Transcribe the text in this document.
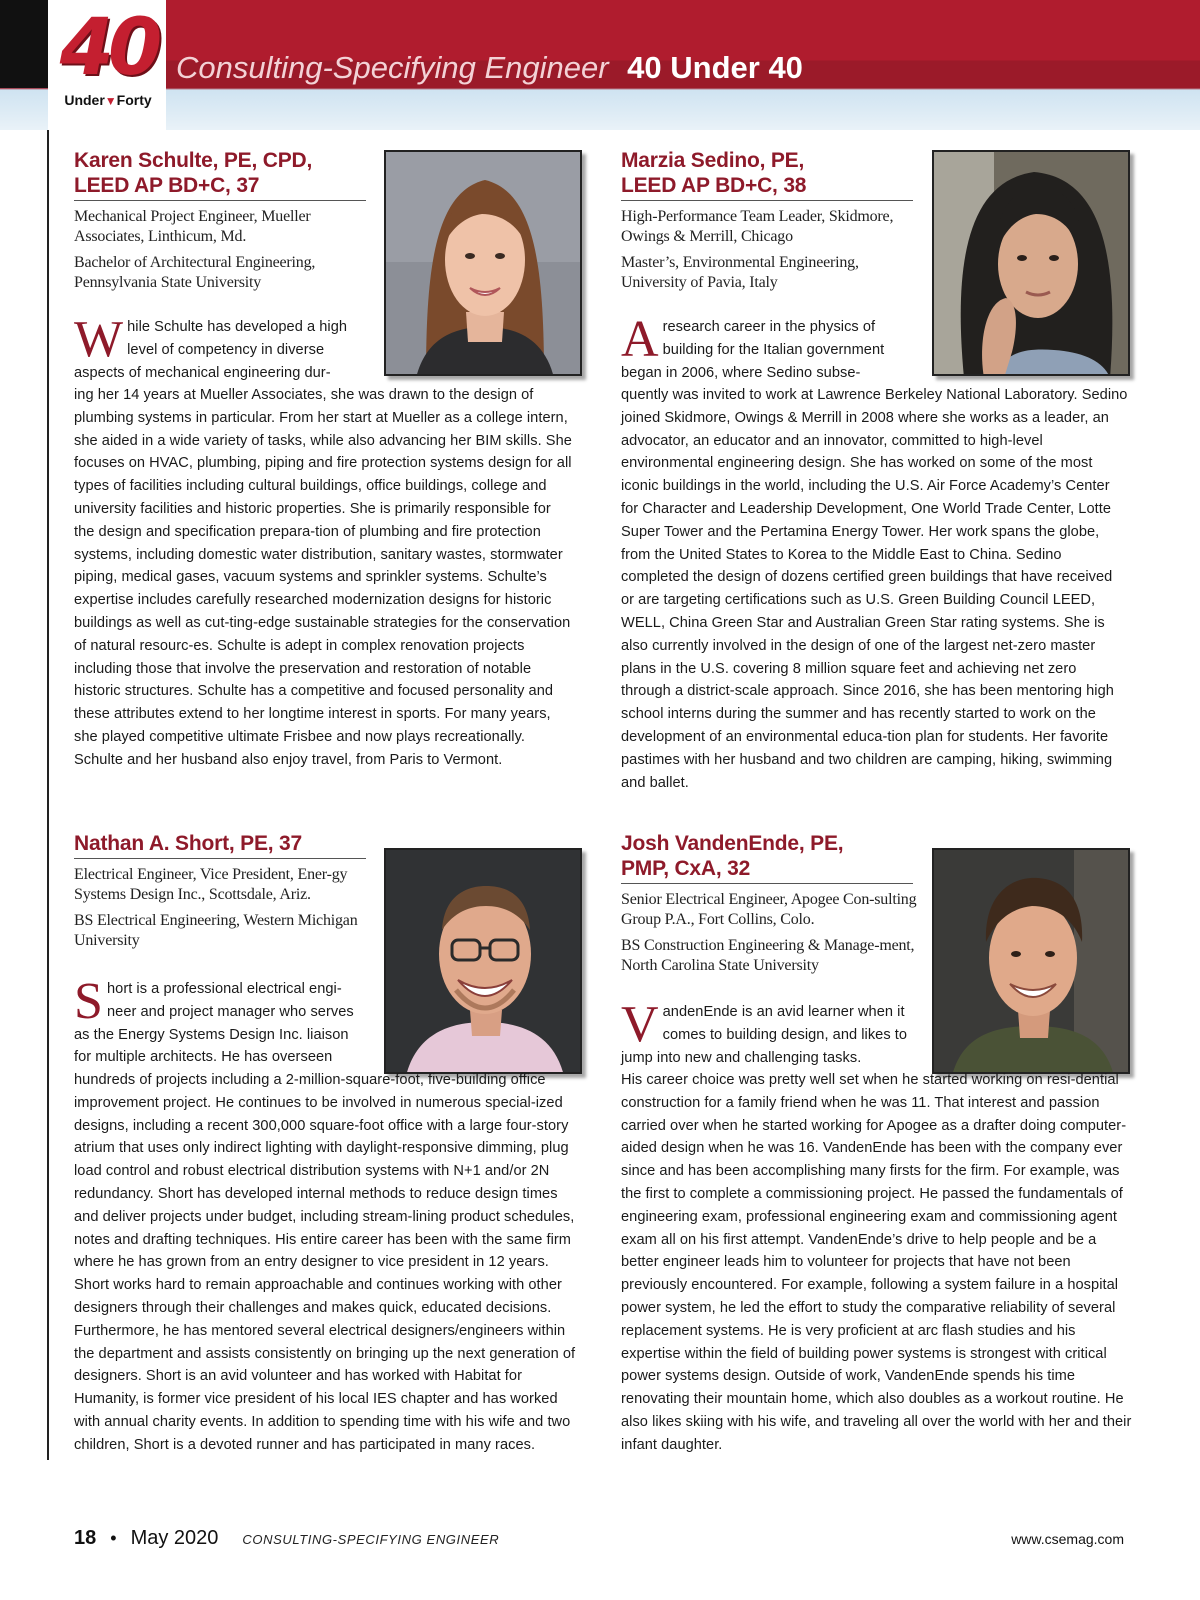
40
Under▼Forty
Consulting-Specifying Engineer 40 Under 40
Karen Schulte, PE, CPD,
LEED AP BD+C, 37
Mechanical Project Engineer, Mueller Associates, Linthicum, Md.
Bachelor of Architectural Engineering, Pennsylvania State University
While Schulte has developed a high level of competency in diverse aspects of mechanical engineering dur-
ing her 14 years at Mueller Associates, she was drawn to the design of plumbing systems in particular. From her start at Mueller as a college intern, she aided in a wide variety of tasks, while also advancing her BIM skills. She focuses on HVAC, plumbing, piping and fire protection systems design for all types of facilities including cultural buildings, office buildings, college and university facilities and historic properties. She is primarily responsible for the design and specification prepara-tion of plumbing and fire protection systems, including domestic water distribution, sanitary wastes, stormwater piping, medical gases, vacuum systems and sprinkler systems. Schulte’s expertise includes carefully researched modernization designs for historic buildings as well as cut-ting-edge sustainable strategies for the conservation of natural resourc-es. Schulte is adept in complex renovation projects including those that involve the preservation and restoration of notable historic structures. Schulte has a competitive and focused personality and these attributes extend to her longtime interest in sports. For many years, she played competitive ultimate Frisbee and now plays recreationally. Schulte and her husband also enjoy travel, from Paris to Vermont.
Marzia Sedino, PE,
LEED AP BD+C, 38
High-Performance Team Leader, Skidmore, Owings & Merrill, Chicago
Master’s, Environmental Engineering, University of Pavia, Italy
A research career in the physics of building for the Italian government began in 2006, where Sedino subse-
quently was invited to work at Lawrence Berkeley National Laboratory. Sedino joined Skidmore, Owings & Merrill in 2008 where she works as a leader, an advocator, an educator and an innovator, committed to high-level environmental engineering design. She has worked on some of the most iconic buildings in the world, including the U.S. Air Force Academy’s Center for Character and Leadership Development, One World Trade Center, Lotte Super Tower and the Pertamina Energy Tower. Her work spans the globe, from the United States to Korea to the Middle East to China. Sedino completed the design of dozens certified green buildings that have received or are targeting certifications such as U.S. Green Building Council LEED, WELL, China Green Star and Australian Green Star rating systems. She is also currently involved in the design of one of the largest net-zero master plans in the U.S. covering 8 million square feet and achieving net zero through a district-scale approach. Since 2016, she has been mentoring high school interns during the summer and has recently started to work on the development of an environmental educa-tion plan for students. Her favorite pastimes with her husband and two children are camping, hiking, swimming and ballet.
Nathan A. Short, PE, 37
Electrical Engineer, Vice President, Ener-gy Systems Design Inc., Scottsdale, Ariz.
BS Electrical Engineering, Western Michigan University
Short is a professional electrical engi-neer and project manager who serves as the Energy Systems Design Inc. liaison for multiple architects. He has overseen
hundreds of projects including a 2-million-square-foot, five-building office improvement project. He continues to be involved in numerous special-ized designs, including a recent 300,000 square-foot office with a large four-story atrium that uses only indirect lighting with daylight-responsive dimming, plug load control and robust electrical distribution systems with N+1 and/or 2N redundancy. Short has developed internal methods to reduce design times and deliver projects under budget, including stream-lining product schedules, notes and drafting techniques. His entire career has been with the same firm where he has grown from an entry designer to vice president in 12 years. Short works hard to remain approachable and continues working with other designers through their challenges and makes quick, educated decisions. Furthermore, he has mentored several electrical designers/engineers within the department and assists consistently on bringing up the next generation of designers. Short is an avid volunteer and has worked with Habitat for Humanity, is former vice president of his local IES chapter and has worked with annual charity events. In addition to spending time with his wife and two children, Short is a devoted runner and has participated in many races.
Josh VandenEnde, PE,
PMP, CxA, 32
Senior Electrical Engineer, Apogee Con-sulting Group P.A., Fort Collins, Colo.
BS Construction Engineering & Manage-ment, North Carolina State University
VandenEnde is an avid learner when it comes to building design, and likes to jump into new and challenging tasks.
His career choice was pretty well set when he started working on resi-dential construction for a family friend when he was 11. That interest and passion carried over when he started working for Apogee as a drafter doing computer-aided design when he was 16. VandenEnde has been with the company ever since and has been accomplishing many firsts for the firm. For example, was the first to complete a commissioning project. He passed the fundamentals of engineering exam, professional engineering exam and commissioning agent exam all on his first attempt. VandenEnde’s drive to help people and be a better engineer leads him to volunteer for projects that have not been previously encountered. For example, following a system failure in a hospital power system, he led the effort to study the comparative reliability of several replacement systems. He is very proficient at arc flash studies and his expertise within the field of building power systems is strongest with critical power systems design. Outside of work, VandenEnde spends his time renovating their mountain home, which also doubles as a workout routine. He also likes skiing with his wife, and traveling all over the world with her and their infant daughter.
18 • May 2020 CONSULTING-SPECIFYING ENGINEER	www.csemag.com
